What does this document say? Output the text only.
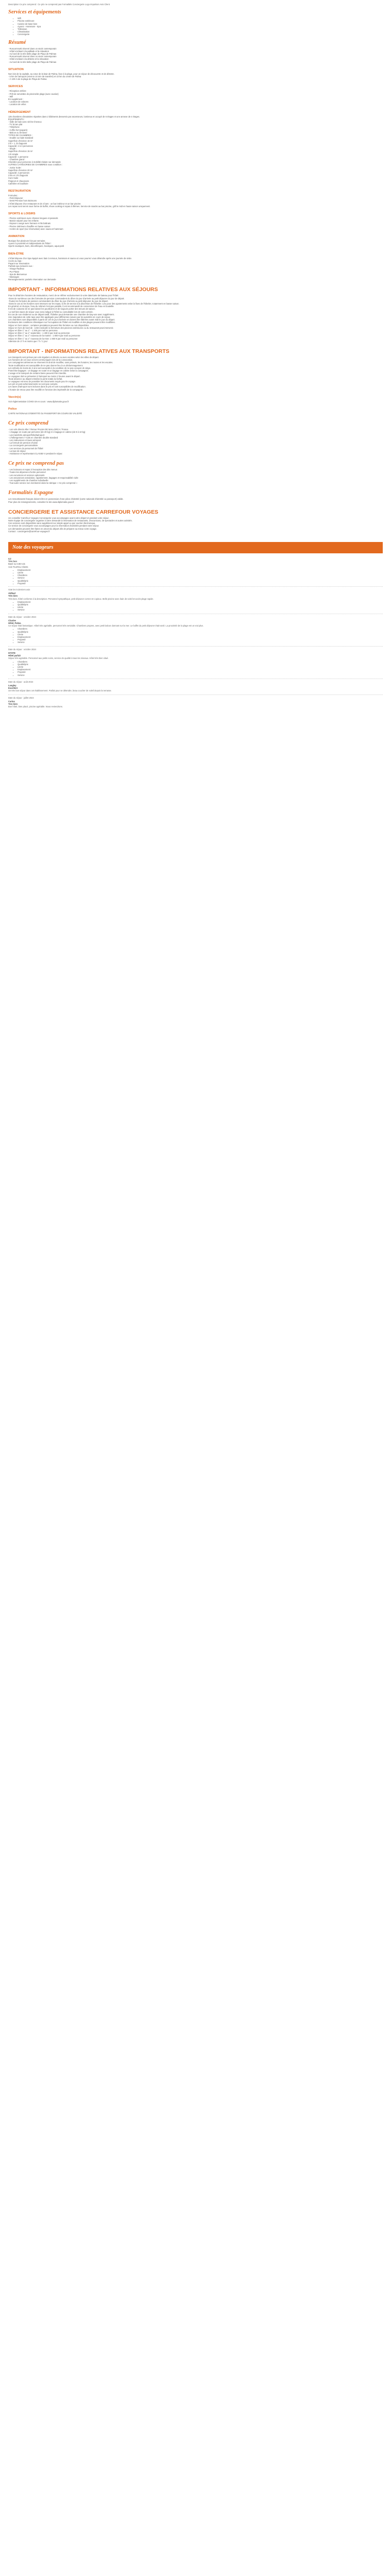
Description Ce prix comprend : Ce prix ne comprend pas Formalités Conciergerie Logo Impulsion Avis Client

Services et équipements
• Wifi
• Piscine extérieure
• Cuisine de base bien
• Ayurez - Hammam - Spa
• Télévision
• Climatisation
• Conciergerie
Résumé

· Roscommotti réservé dans un stock contemporain

· Hôtel encliasé à la paillade et la relaxation

· Au bord de la très belle plage de Playa de Palmas

· Roscommotti réservé dans un stock contemporain

· Hôtel encliasé à la détente et la relaxation

· Au bord de la très belle plage de Playa de Palmas

SITUATION

Non loin de la capitale, au cœur de la baie de Palma, face à la plage, pour un séjour de découverte et de détente.

- 5 km de l'aéroport (environ 10 min de transfert) et 10 km du centre de Palma

- À 100 m de la plage de Playa de Palma

SERVICES

- Réception 24h/24

- Prêt de serviettes de piscine/de plage (avec caution)

- Wifi

En supplément :

- Location de voitures

- Location de vélos

HÉBERGEMENT

135 chambres climatisées réparties dans 2 bâtiments desservis par ascenseurs, lumineux et occupé de 6 étages et une annexe de 4 étages.

ÉQUIPEMENTS :

- Salle de bain avec sèche-cheveux

- TV Ecran plat

- Téléphone

- Coffre-fort (payant)

- Balcon ou terrasse

TYPES DE CHAMBRES :

- Double ou triple standard

Superficie d'environ 16 m²

2 lit + 1, lit d'appoint

Capacité: 2 à 3 personnes

- Single :

Superficie d'environ 15 m²

1 lit simple

Capacité: 1 personne

- Chambre grand :

Chambre pour personne à mobilité réduite sur demande

AUTRES CATÉGORIES DE CHAMBRES sous condition :

- Junior Suite :

Superficie d'environ 20 m²

Capacité: 2 personnes

2 lits et 1 lit d'appoint

Cure Suite

Peignoir et chaussons

Cafetière et bouilloire

RESTAURATION

Formules :

- Petit Déjeuner

- Demi-Pension hors Boissons

L'hôtel dispose d'un restaurant et de 2 bars : un bar intérieur et un bar piscine.

Les repas sont servis sous forme de buffet, show cooking et repas à thèmes. Service de snacks au bar piscine, grill le midi en haute saison uniquement.

SPORTS & LOISIRS

- Piscine extérieure avec chaises longues et parasols

- Bassin séparé pour les enfants

- Espace Lounge avec hamacs et lits balinais

- Piscine intérieure chauffée en basse saison

- Centre de sport (sur réservation) avec sauna et hammam

ANIMATION

Musique live plusieurs fois par semaine.

Ayurez à proximité et indépendants de l'hôtel :

Sports nautiques, bars, discothèques, boutiques, aqua-park

BIEN-ÊTRE

L'hôtel dispose d'un Spa équipé avec bain à remous, hammam et sauna où vous pourrez vous détendre après une journée de visite.

Accès au Spa :

Payant sur réservation

Parfaits spa inclus/en sus :

- Visage Radieux

- Pur Plaisir

- Spa de Bienvenue

- Massages

Renseignements: partiels réservation sur demande

IMPORTANT - INFORMATIONS RELATIVES AUX SÉJOURS

Pour le détail des horaires de restauration, merci de se référer exclusivement à votre date/carte de bateau pour l'hôtel.

-Dans de nombreux cas des formules de pension commandent du dîner du jour d'arrivée au petit déjeuner du jour de départ.

-Toutes les formules de pension commandent du dîner du jour d'arrivée au petit déjeuner du jour de départ.

-Dans le cas où les horaires sont retenues sur les repas, la fin de service à la discrétion de l'hôtelier. Lieu pour des ajustements selon la fixes de l'hôtelier, notamment en basse saison.

En général, en Europe, l'eau du robinet n'est pas potable, il est recommandé de consommer de l'eau en bouteille.

Il est de coutume de ne pas laisser les pourboires et de toujours porter des tenues de saison.

-Le tarif des taxes de séjour vous sera indiqué à l'hôtel ou consultable lors de votre arrivée.

En cas de non résidence au de départ tardif, l'hôtelier peut demander une chambre de Day-use avec supplément.

Une majoration de cette taxe peut être appliquée pour différentes raisons par les autorités en cours de séjour.

Les chambres sont disponibles à partir de 14h le jour d'arrivée et doivent être libérées avant midi le jour du départ.

Exclusions des conditions climatiques sur l'occupation de l'hôtel est modifiée et des plages peuvent être modifiées.

Séjour en hors saison : certaines prestations peuvent être fermées ou non disponibles.

Séjour en hors de bord de : à titre indicatif, la fermeture des piscines extérieures ou du restaurant peut intervenir.

Séjour en libre 1° au 1° - 1 200 par mail ou personne

Séjour en libre 1° au 1° septembre : 1 400 € par mail ou personne

Séjour en libre 1° au 1° nouveau de la marine : 1 800 € par mail ou personne

Séjour en libre 1° au 1° nouveau de la mise: 1 600 € par mail ou personne

Attention de 17 h et moins que 7 h / 1 jour

IMPORTANT - INFORMATIONS RELATIVES AUX TRANSPORTS

Les transports sont prévus par vols réguliers et directs ou avec escales selon les villes de départ.

Les horaires de vol vous seront communiqués lors de la convocation.

Les compagnies aériennes se réservent le droit de modifier, sans préavis, les horaires, les routes et les escales.

Toute modification est susceptible de ne pas donner lieu à un dédommagement.

Les enfants de moins de 2 ans sont acceptés à la condition de ne pas occuper de siège.

Franchise bagages : un bagage en soute et un bagage en cabine selon la compagnie.

L'usage et le transport de certains biens peuvent être interdits.

Le voyageur doit se présenter à l'aéroport au moins 2 heures avant le départ.

Toute absence au départ entraîne la perte totale du forfait.

Le voyageur est tenu de posséder les documents requis pour le voyage.

Les pré et post-acheminements ne sont pas compris.

Les taxes d'aéroport sont incluses dans le prix et sont susceptibles de modification.

L'horaire de retour peut être modifié en fonction des impératifs de la compagnie.

Vaccin(s)

Voir réglementation COVID-19 en cours : www.diplomatie.gouv.fr

Police

CARTE NATIONALE D'IDENTITÉ OU PASSEPORT EN COURS DE VALIDITÉ

Ce prix comprend

- Les vols directs Aller / Retour PALMA DE MALLORCA / France

- 1 bagage en soute par personne (de 20 kg) et 1 bagage en cabine (de 8 à 10 kg)

- Les transferts aéroport/hôtel/aéroport

- L'hébergement 7 nuits en chambre double standard

- Les redevances et taxes aéroport

- La formule de pension choisie

- La conciergerie personnalisée

- Les services du personnel de l'hôtel

- La taxe de séjour

- Assistance et représentant CLASSE-V pendant le séjour.

Ce prix ne comprend pas

- Les boissons et repas à l'exception des dits menus

- Toutes les dépenses d'ordre personnel

- Les excursions et services optionnels

- Les assurances annulation, rapatriement, bagages et responsabilité civile

- Les suppléments de chambre individuelle

- Tout autre service non mentionné dans la rubrique « Ce prix comprend »

Formalités Espagne

Les ressortissants français doivent être en possession d'une pièce d'identité (carte nationale d'identité ou passeport) valide.

Pour plus de renseignements, consultez le site www.diplomatie.gouv.fr

CONCIERGERIE ET ASSISTANCE CARREFOUR VOYAGES

Un conseiller Carrefour Voyages Conciergerie vous accompagne avant votre départ et pendant votre séjour.

Notre équipe de conciergerie organise à votre demande la réservation de restaurants, d'excursions, de spectacles et autres activités.

Ces services sont disponibles sans supplément sur simple appel ou par courrier électronique.

Ce service de conciergerie vous accompagne pour la réservation d'activités pendant votre séjour.

Les demandes peuvent être faites en amont du départ afin de préparer au mieux votre voyage.

Contact : conciergerie@carrefour-voyages.fr

Note des voyageurs

4.2

Très bon

Basé sur 438 Avis

Avis TrustYou Clients

• Emplacement
• Literie
• Chambres
• Service
• Qualité/prix
• Propreté
Vote les 5 derniers avis
Aldhad
Très bien
Très bien, hôtel conforme à la description. Personnel sympathique, petit déjeuner correct et copieux. Belle piscine avec bain de soleil et accès plage rapide.
• Emplacement
• Qualité/prix
• Literie
• Service
Date du séjour : octobre 2024
Charles
Hôtel, Palma
Ce séjour était fantastique. Hôtel très agréable, personnel très serviable. Chambres propres, avec petit balcon donnant sur la mer. Le buffet du petit déjeuner était varié. La proximité de la plage est un vrai plus.
• Chambres
• Qualité/prix
• Literie
• Emplacement
• Propreté
• Service
Date du séjour : octobre 2024
ISTATE
Hôtel parfait
Séjour très agréable. Personnel aux petits soins, service de qualité à tous les niveaux. Hôtel très bien situé.
• Chambres
• Qualité/prix
• Literie
• Emplacement
• Propreté
• Service
Date du séjour : août 2024
Langley
Excellent
Un très bon séjour dans cet établissement. Parfait pour se détendre, beau coucher de soleil depuis la terrasse.
Date du séjour : juillet 2024
Carlos
Tres bien
Bon hôtel, bien placé, piscine agréable. Nous reviendrons.
